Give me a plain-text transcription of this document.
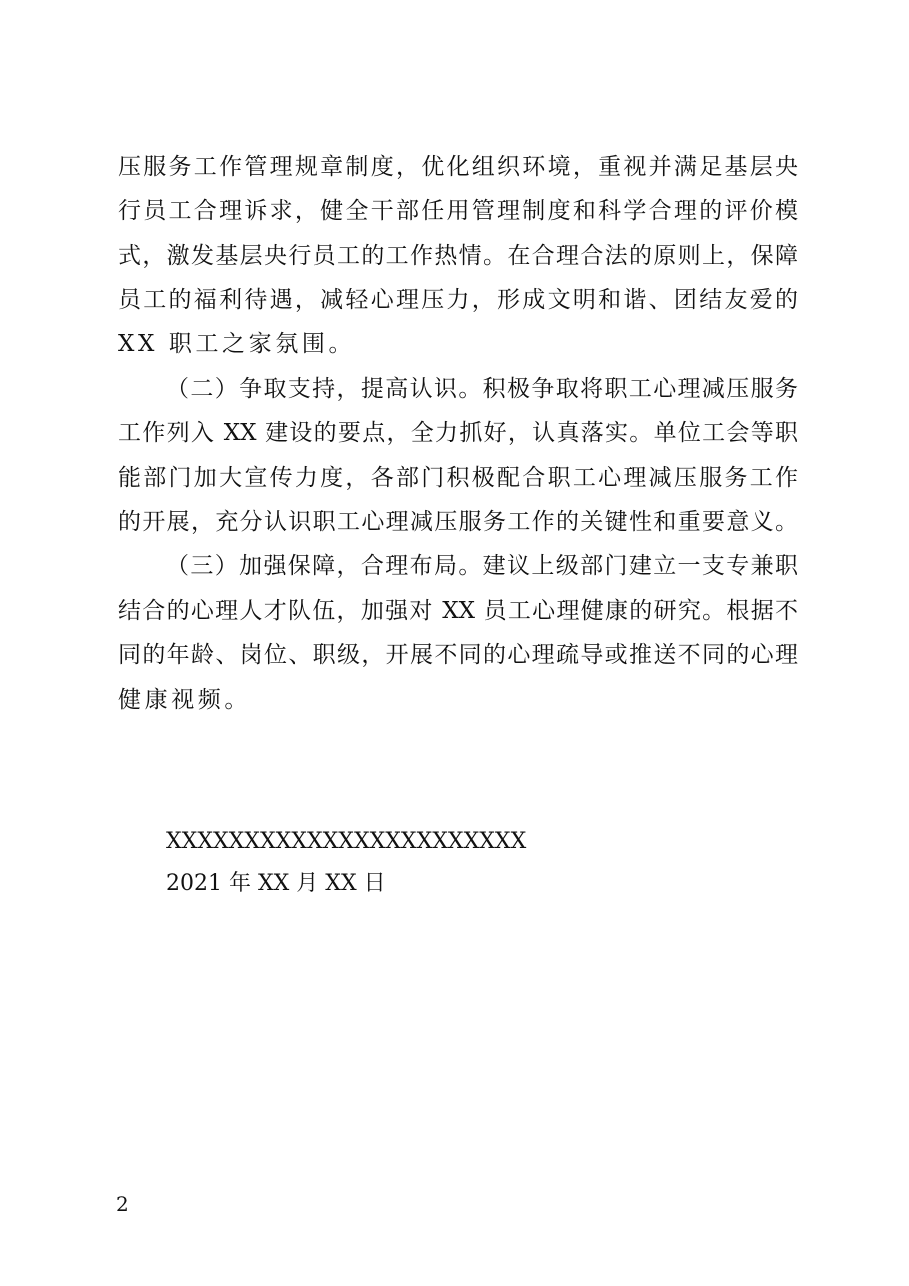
压服务工作管理规章制度，优化组织环境，重视并满足基层央
行员工合理诉求，健全干部任用管理制度和科学合理的评价模
式，激发基层央行员工的工作热情。在合理合法的原则上，保障
员工的福利待遇，减轻心理压力，形成文明和谐、团结友爱的
XX 职工之家氛围。
（二）争取支持，提高认识。积极争取将职工心理减压服务
工作列入 XX 建设的要点，全力抓好，认真落实。单位工会等职
能部门加大宣传力度，各部门积极配合职工心理减压服务工作
的开展，充分认识职工心理减压服务工作的关键性和重要意义。
（三）加强保障，合理布局。建议上级部门建立一支专兼职
结合的心理人才队伍，加强对 XX 员工心理健康的研究。根据不
同的年龄、岗位、职级，开展不同的心理疏导或推送不同的心理
健康视频。
XXXXXXXXXXXXXXXXXXXXXXX
2021 年 XX 月 XX 日
2
